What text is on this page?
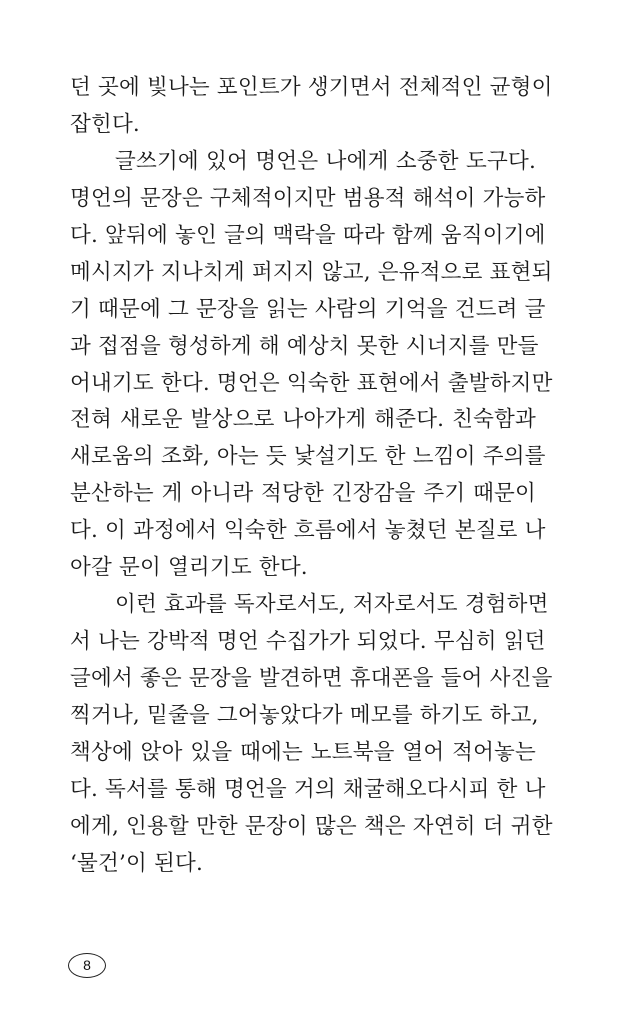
던 곳에 빛나는 포인트가 생기면서 전체적인 균형이
잡힌다.
글쓰기에 있어 명언은 나에게 소중한 도구다.
명언의 문장은 구체적이지만 범용적 해석이 가능하
다. 앞뒤에 놓인 글의 맥락을 따라 함께 움직이기에
메시지가 지나치게 퍼지지 않고, 은유적으로 표현되
기 때문에 그 문장을 읽는 사람의 기억을 건드려 글
과 접점을 형성하게 해 예상치 못한 시너지를 만들
어내기도 한다. 명언은 익숙한 표현에서 출발하지만
전혀 새로운 발상으로 나아가게 해준다. 친숙함과
새로움의 조화, 아는 듯 낯설기도 한 느낌이 주의를
분산하는 게 아니라 적당한 긴장감을 주기 때문이
다. 이 과정에서 익숙한 흐름에서 놓쳤던 본질로 나
아갈 문이 열리기도 한다.
이런 효과를 독자로서도, 저자로서도 경험하면
서 나는 강박적 명언 수집가가 되었다. 무심히 읽던
글에서 좋은 문장을 발견하면 휴대폰을 들어 사진을
찍거나, 밑줄을 그어놓았다가 메모를 하기도 하고,
책상에 앉아 있을 때에는 노트북을 열어 적어놓는
다. 독서를 통해 명언을 거의 채굴해오다시피 한 나
에게, 인용할 만한 문장이 많은 책은 자연히 더 귀한
‘물건’이 된다.
8
